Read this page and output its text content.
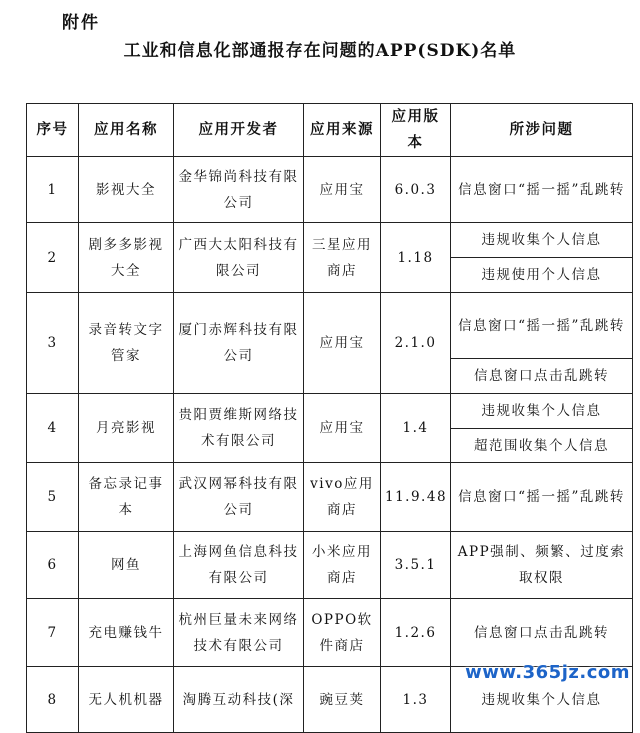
附件
工业和信息化部通报存在问题的APP(SDK)名单
序号	应用名称	应用开发者	应用来源	应用版本	所涉问题
1	影视大全	金华锦尚科技有限公司	应用宝	6.0.3	信息窗口“摇一摇”乱跳转
2	剧多多影视大全	广西大太阳科技有限公司	三星应用商店	1.18	违规收集个人信息
					违规使用个人信息
3	录音转文字管家	厦门赤辉科技有限公司	应用宝	2.1.0	信息窗口“摇一摇”乱跳转
					信息窗口点击乱跳转
4	月亮影视	贵阳贾维斯网络技术有限公司	应用宝	1.4	违规收集个人信息
					超范围收集个人信息
5	备忘录记事本	武汉网幂科技有限公司	vivo应用商店	11.9.48	信息窗口“摇一摇”乱跳转
6	网鱼	上海网鱼信息科技有限公司	小米应用商店	3.5.1	APP强制、频繁、过度索取权限
7	充电赚钱牛	杭州巨量未来网络技术有限公司	OPPO软件商店	1.2.6	信息窗口点击乱跳转
8	无人机机器	淘腾互动科技(深	豌豆荚	1.3	违规收集个人信息
www.365jz.com
